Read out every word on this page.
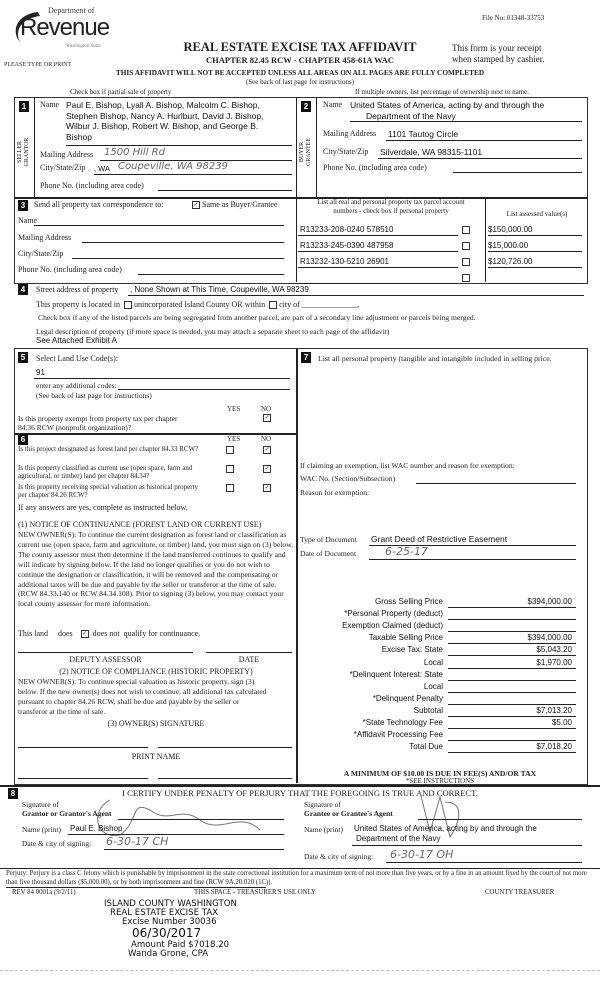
File No: 01348-33753
Department of
Revenue
Washington State
PLEASE TYPE OR PRINT
REAL ESTATE EXCISE TAX AFFIDAVIT
CHAPTER 82.45 RCW - CHAPTER 458-61A WAC
This form is your receipt
when stamped by cashier.
THIS AFFIDAVIT WILL NOT BE ACCEPTED UNLESS ALL AREAS ON ALL PAGES ARE FULLY COMPLETED
(See back of last page for instructions)
Check box if partial sale of property	If multiple owners, list percentage of ownership next to name.
1
SELLER GRANTOR
Name Paul E. Bishop, Lyall A. Bishop, Malcolm C. Bishop,
Stephen Bishop, Nancy A. Hurlburt, David J. Bishop,
Wilbur J. Bishop, Robert W. Bishop, and George B.
Bishop
Mailing Address 1500 Hill Rd
City/State/Zip , WA Coupeville, WA 98239
Phone No. (including area code)
2
BUYER GRANTEE
Name United States of America, acting by and through the
Department of the Navy
Mailing Address 1101 Tautog Circle
City/State/Zip Silverdale, WA 98315-1101
Phone No. (including area code)
3	Send all property tax correspondence to:	✓ Same as Buyer/Grantee
Name
Mailing Address
City/State/Zip
Phone No. (including area code)
List all real and personal property tax parcel account
numbers - check box if personal property	List assessed value(s)
4	Street address of property , None Shown at This Time, Coupeville, WA 98239
This property is located in unincorporated Island County OR within city of ______________.
Check box if any of the listed parcels are being segregated from another parcel, are part of a secondary line adjustment or parcels being merged.
Legal description of property (if more space is needed, you may attach a separate sheet to each page of the affidavit)
See Attached Exhibit A
5	Select Land Use Code(s):
91
enter any additional codes:
(See back of last page for instructions)
YES	NO
Is this property exempt from property tax per chapter
84.36 RCW (nonprofit organization)?
✓
6	YES	NO
If any answers are yes, complete as instructed below.
(1) NOTICE OF CONTINUANCE (FOREST LAND OR CURRENT USE)
NEW OWNER(S): To continue the current designation as forest land or classification as current use (open space, farm and agriculture, or timber) land, you must sign on (3) below. The county assessor must then determine if the land transferred continues to qualify and will indicate by signing below. If the land no longer qualifies or you do not wish to continue the designation or classification, it will be removed and the compensating or additional taxes will be due and payable by the seller or transferor at the time of sale. (RCW 84.33.140 or RCW 84.34.108). Prior to signing (3) below, you may contact your local county assessor for more information.
This land does ✓ does not qualify for continuance.
DEPUTY ASSESSOR	DATE
(2) NOTICE OF COMPLIANCE (HISTORIC PROPERTY)
NEW OWNER(S): To continue special valuation as historic property, sign (3) below. If the new owner(s) does not wish to continue, all additional tax calculated pursuant to chapter 84.26 RCW, shall be due and payable by the seller or transferor at the time of sale.
(3) OWNER(S) SIGNATURE
PRINT NAME
7	List all personal property (tangible and intangible included in selling price.
If claiming an exemption, list WAC number and reason for exemption:
WAC No. (Section/Subsection)
Reason for exemption:
Type of Document Grant Deed of Restrictive Easement
Date of Document	6-25-17
A MINIMUM OF $10.00 IS DUE IN FEE(S) AND/OR TAX
*SEE INSTRUCTIONS
8	I CERTIFY UNDER PENALTY OF PERJURY THAT THE FOREGOING IS TRUE AND CORRECT.
Signature of
Grantor or Grantor's Agent
Name (print) Paul E. Bishop
Date & city of signing: 6-30-17 CH
Signature of
Grantee or Grantee's Agent
Name (print) United States of America, acting by and through the
Department of the Navy
Date & city of signing: 6-30-17 OH
Perjury: Perjury is a class C felony which is punishable by imprisonment in the state correctional institution for a maximum term of not more than five years, or by a fine in an amount fixed by the court of not more than five thousand dollars ($5,000.00), or by both imprisonment and fine (RCW 9A.20.020 (1C)).
REV 84 0001a (9/2/11)	THIS SPACE - TREASURER'S USE ONLY	COUNTY TREASURER
ISLAND COUNTY WASHINGTON
REAL ESTATE EXCISE TAX
Excise Number 30036
06/30/2017
Amount Paid $7018.20
Wanda Grone, CPA
R13233-208-0240 578510	$150,000.00
R13233-245-0390 487958	$15,000.00
R13232-130-5210 26901	$120,726.00
Is this project designated as forest land per chapter 84.33 RCW?	✓
Is this property classified as current use (open space, farm and
agricultural, or timber) land per chapter 84.34?
✓
Is this property receiving special valuation as historical property
per chapter 84.26 RCW?
✓
Gross Selling Price	$394,000.00
*Personal Property (deduct)
Exemption Claimed (deduct)
Taxable Selling Price	$394,000.00
Excise Tax: State	$5,043.20
Local	$1,970.00
*Delinquent Interest: State
Local
*Delinquent Penalty
Subtotal	$7,013.20
*State Technology Fee	$5.00
*Affidavit Processing Fee
Total Due	$7,018.20
